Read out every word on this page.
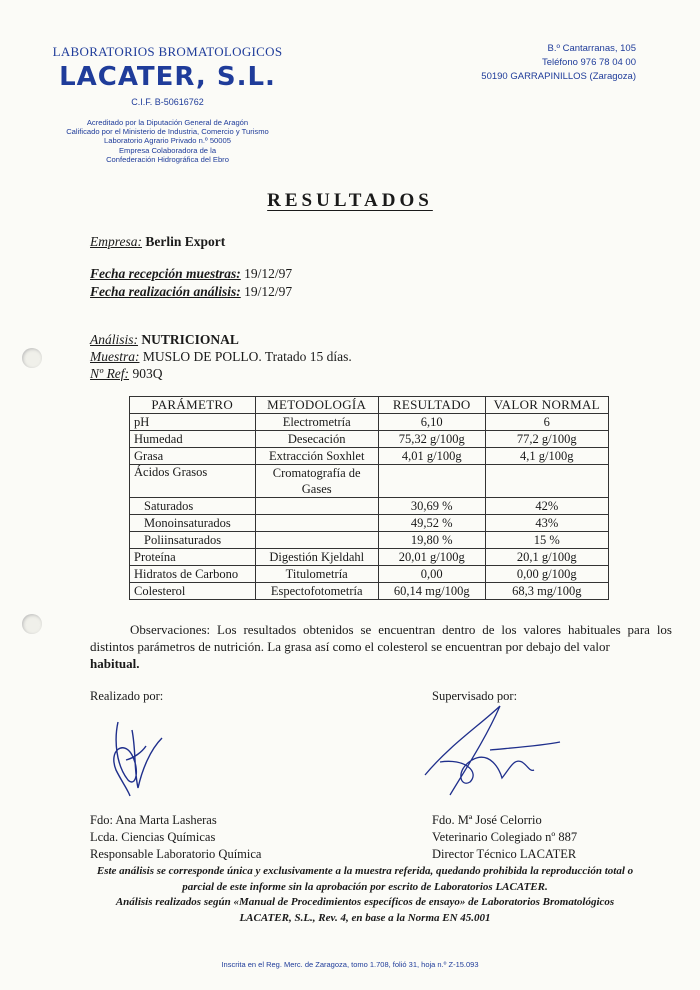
LABORATORIOS BROMATOLOGICOS
LACATER, S.L.
C.I.F. B-50616762
Acreditado por la Diputación General de Aragón
Calificado por el Ministerio de Industria, Comercio y Turismo
Laboratorio Agrario Privado n.º 50005
Empresa Colaboradora de la
Confederación Hidrográfica del Ebro
B.º Cantarranas, 105
Teléfono 976 78 04 00
50190 GARRAPINILLOS (Zaragoza)
RESULTADOS
Empresa: Berlin Export
Fecha recepción muestras: 19/12/97
Fecha realización análisis: 19/12/97
Análisis: NUTRICIONAL
Muestra: MUSLO DE POLLO. Tratado 15 días.
Nº Ref: 903Q
PARÁMETRO	METODOLOGÍA	RESULTADO	VALOR NORMAL
pH	Electrometría	6,10	6
Humedad	Desecación	75,32 g/100g	77,2 g/100g
Grasa	Extracción Soxhlet	4,01 g/100g	4,1 g/100g
Ácidos Grasos	Cromatografía de Gases		
Saturados		30,69 %	42%
Monoinsaturados		49,52 %	43%
Poliinsaturados		19,80 %	15 %
Proteína	Digestión Kjeldahl	20,01 g/100g	20,1 g/100g
Hidratos de Carbono	Titulometría	0,00	0,00 g/100g
Colesterol	Espectofotometría	60,14 mg/100g	68,3 mg/100g
Observaciones: Los resultados obtenidos se encuentran dentro de los valores habituales para los distintos parámetros de nutrición. La grasa así como el colesterol se encuentran por debajo del valor
habitual.
Realizado por:	Supervisado por:
Fdo: Ana Marta Lasheras
Lcda. Ciencias Químicas
Responsable Laboratorio Química
Fdo. Mª José Celorrio
Veterinario Colegiado nº 887
Director Técnico LACATER
Este análisis se corresponde única y exclusivamente a la muestra referida, quedando prohibida la reproducción total o
parcial de este informe sin la aprobación por escrito de Laboratorios LACATER.
Análisis realizados según «Manual de Procedimientos específicos de ensayo» de Laboratorios Bromatológicos
LACATER, S.L., Rev. 4, en base a la Norma EN 45.001
Inscrita en el Reg. Merc. de Zaragoza, tomo 1.708, folió 31, hoja n.º Z-15.093
